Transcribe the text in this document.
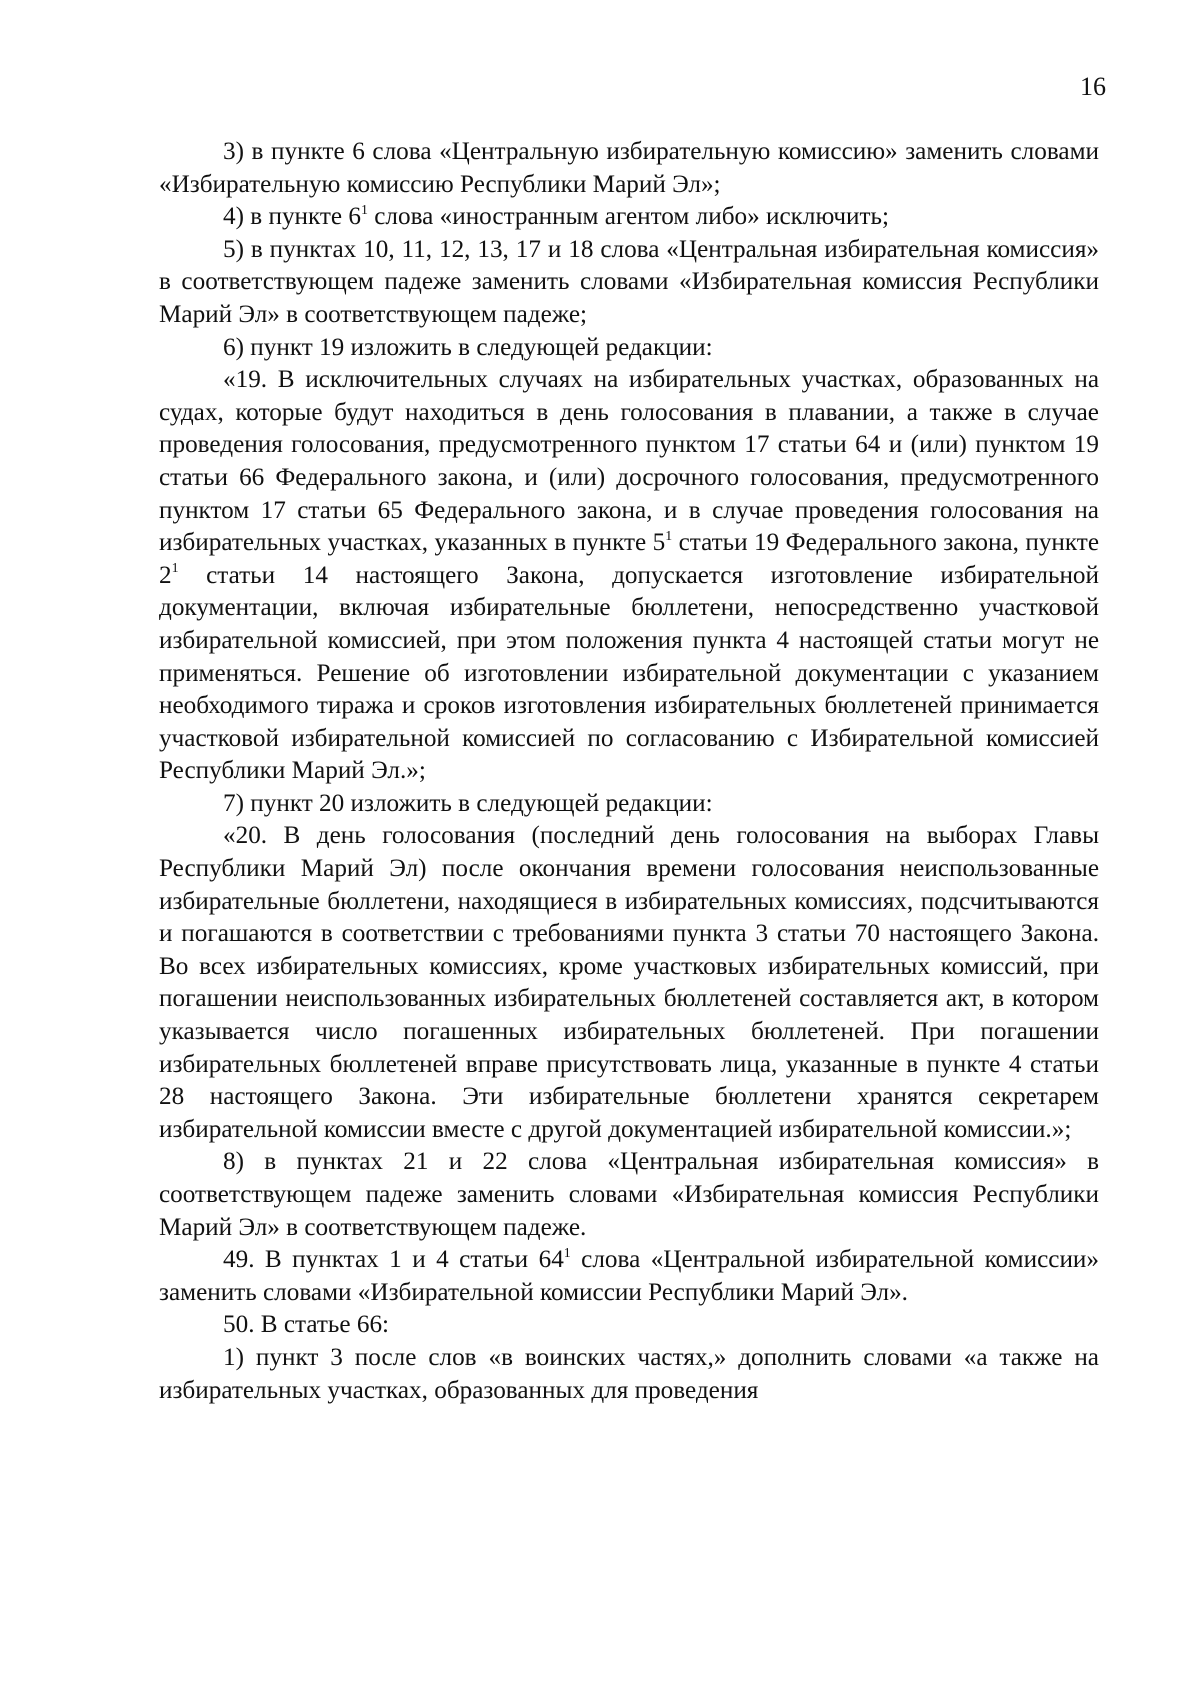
16

3) в пункте 6 слова «Центральную избирательную комиссию» заменить словами «Избирательную комиссию Республики Марий Эл»;

4) в пункте $6^1$ слова «иностранным агентом либо» исключить;

5) в пунктах 10, 11, 12, 13, 17 и 18 слова «Центральная избирательная комиссия» в соответствующем падеже заменить словами «Избирательная комиссия Республики Марий Эл» в соответствующем падеже;

6) пункт 19 изложить в следующей редакции:

«19. В исключительных случаях на избирательных участках, образованных на судах, которые будут находиться в день голосования в плавании, а также в случае проведения голосования, предусмотренного пунктом 17 статьи 64 и (или) пунктом 19 статьи 66 Федерального закона, и (или) досрочного голосования, предусмотренного пунктом 17 статьи 65 Федерального закона, и в случае проведения голосования на избирательных участках, указанных в пункте $5^1$ статьи 19 Федерального закона, пункте $2^1$ статьи 14 настоящего Закона, допускается изготовление избирательной документации, включая избирательные бюллетени, непосредственно участковой избирательной комиссией, при этом положения пункта 4 настоящей статьи могут не применяться. Решение об изготовлении избирательной документации с указанием необходимого тиража и сроков изготовления избирательных бюллетеней принимается участковой избирательной комиссией по согласованию с Избирательной комиссией Республики Марий Эл.»;

7) пункт 20 изложить в следующей редакции:

«20. В день голосования (последний день голосования на выборах Главы Республики Марий Эл) после окончания времени голосования неиспользованные избирательные бюллетени, находящиеся в избирательных комиссиях, подсчитываются и погашаются в соответствии с требованиями пункта 3 статьи 70 настоящего Закона. Во всех избирательных комиссиях, кроме участковых избирательных комиссий, при погашении неиспользованных избирательных бюллетеней составляется акт, в котором указывается число погашенных избирательных бюллетеней. При погашении избирательных бюллетеней вправе присутствовать лица, указанные в пункте 4 статьи 28 настоящего Закона. Эти избирательные бюллетени хранятся секретарем избирательной комиссии вместе с другой документацией избирательной комиссии.»;

8) в пунктах 21 и 22 слова «Центральная избирательная комиссия» в соответствующем падеже заменить словами «Избирательная комиссия Республики Марий Эл» в соответствующем падеже.

49. В пунктах 1 и 4 статьи $64^1$ слова «Центральной избирательной комиссии» заменить словами «Избирательной комиссии Республики Марий Эл».

50. В статье 66:

1) пункт 3 после слов «в воинских частях,» дополнить словами «а также на избирательных участках, образованных для проведения
